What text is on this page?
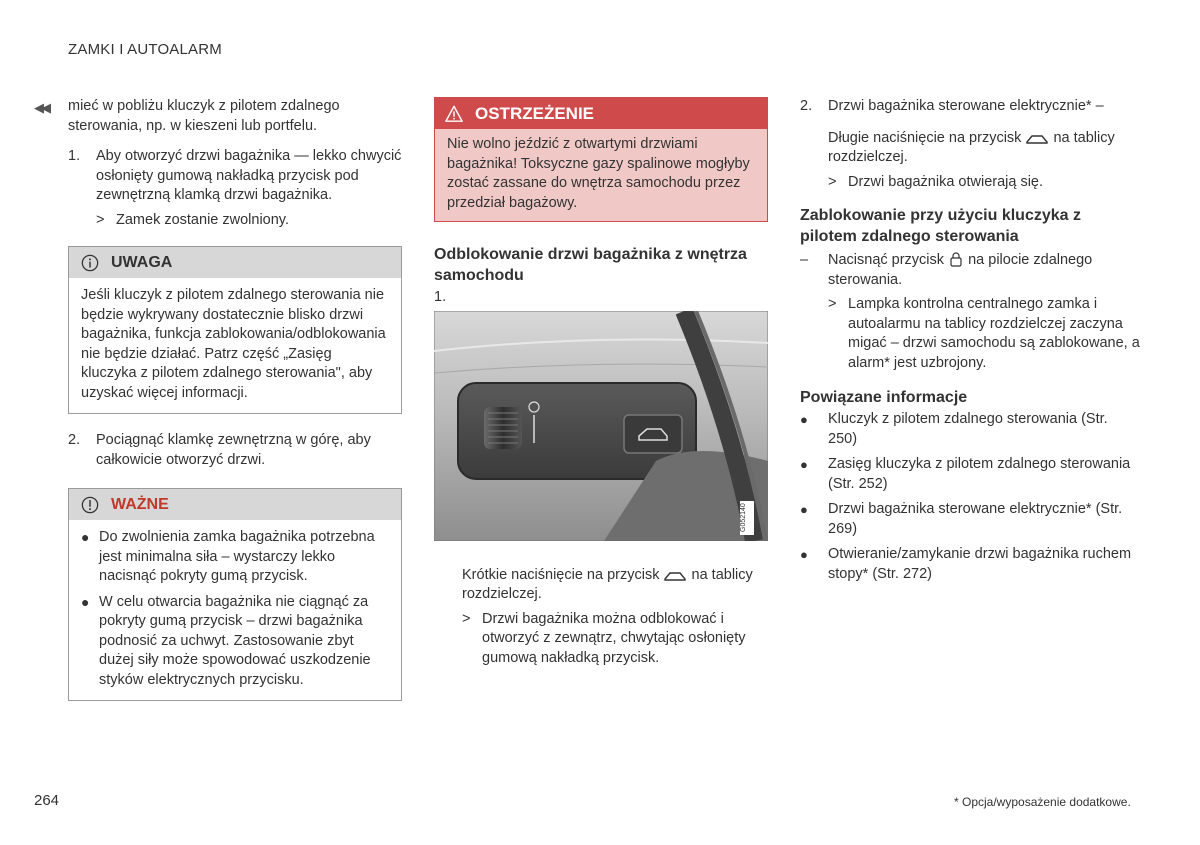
ZAMKI I AUTOALARM
◀◀	mieć w pobliżu kluczyk z pilotem zdalnego sterowania, np. w kieszeni lub portfelu.
1.	Aby otworzyć drzwi bagażnika — lekko chwycić osłonięty gumową nakładką przycisk pod zewnętrzną klamką drzwi bagażnika.
> Zamek zostanie zwolniony.
UWAGA
Jeśli kluczyk z pilotem zdalnego sterowania nie będzie wykrywany dostatecznie blisko drzwi bagażnika, funkcja zablokowania/odblokowania nie będzie działać. Patrz część „Zasięg kluczyka z pilotem zdalnego sterowania", aby uzyskać więcej informacji.
2.	Pociągnąć klamkę zewnętrzną w górę, aby całkowicie otworzyć drzwi.
WAŻNE
● Do zwolnienia zamka bagażnika potrzebna jest minimalna siła – wystarczy lekko nacisnąć pokryty gumą przycisk.
● W celu otwarcia bagażnika nie ciągnąć za pokryty gumą przycisk – drzwi bagażnika podnosić za uchwyt. Zastosowanie zbyt dużej siły może spowodować uszkodzenie styków elektrycznych przycisku.
OSTRZEŻENIE
Nie wolno jeździć z otwartymi drzwiami bagażnika! Toksyczne gazy spalinowe mogłyby zostać zassane do wnętrza samochodu przez przedział bagażowy.
Odblokowanie drzwi bagażnika z wnętrza samochodu
1.
G052140
Krótkie naciśnięcie na przycisk na tablicy rozdzielczej.
> Drzwi bagażnika można odblokować i otworzyć z zewnątrz, chwytając osłonięty gumową nakładką przycisk.
2.	Drzwi bagażnika sterowane elektrycznie* –
Długie naciśnięcie na przycisk na tablicy rozdzielczej.
> Drzwi bagażnika otwierają się.
Zablokowanie przy użyciu kluczyka z pilotem zdalnego sterowania
–	Nacisnąć przycisk na pilocie zdalnego sterowania.
> Lampka kontrolna centralnego zamka i autoalarmu na tablicy rozdzielczej zaczyna migać – drzwi samochodu są zablokowane, a alarm* jest uzbrojony.
Powiązane informacje
●	Kluczyk z pilotem zdalnego sterowania (Str. 250)
●	Zasięg kluczyka z pilotem zdalnego sterowania (Str. 252)
●	Drzwi bagażnika sterowane elektrycznie* (Str. 269)
●	Otwieranie/zamykanie drzwi bagażnika ruchem stopy* (Str. 272)
264	* Opcja/wyposażenie dodatkowe.
